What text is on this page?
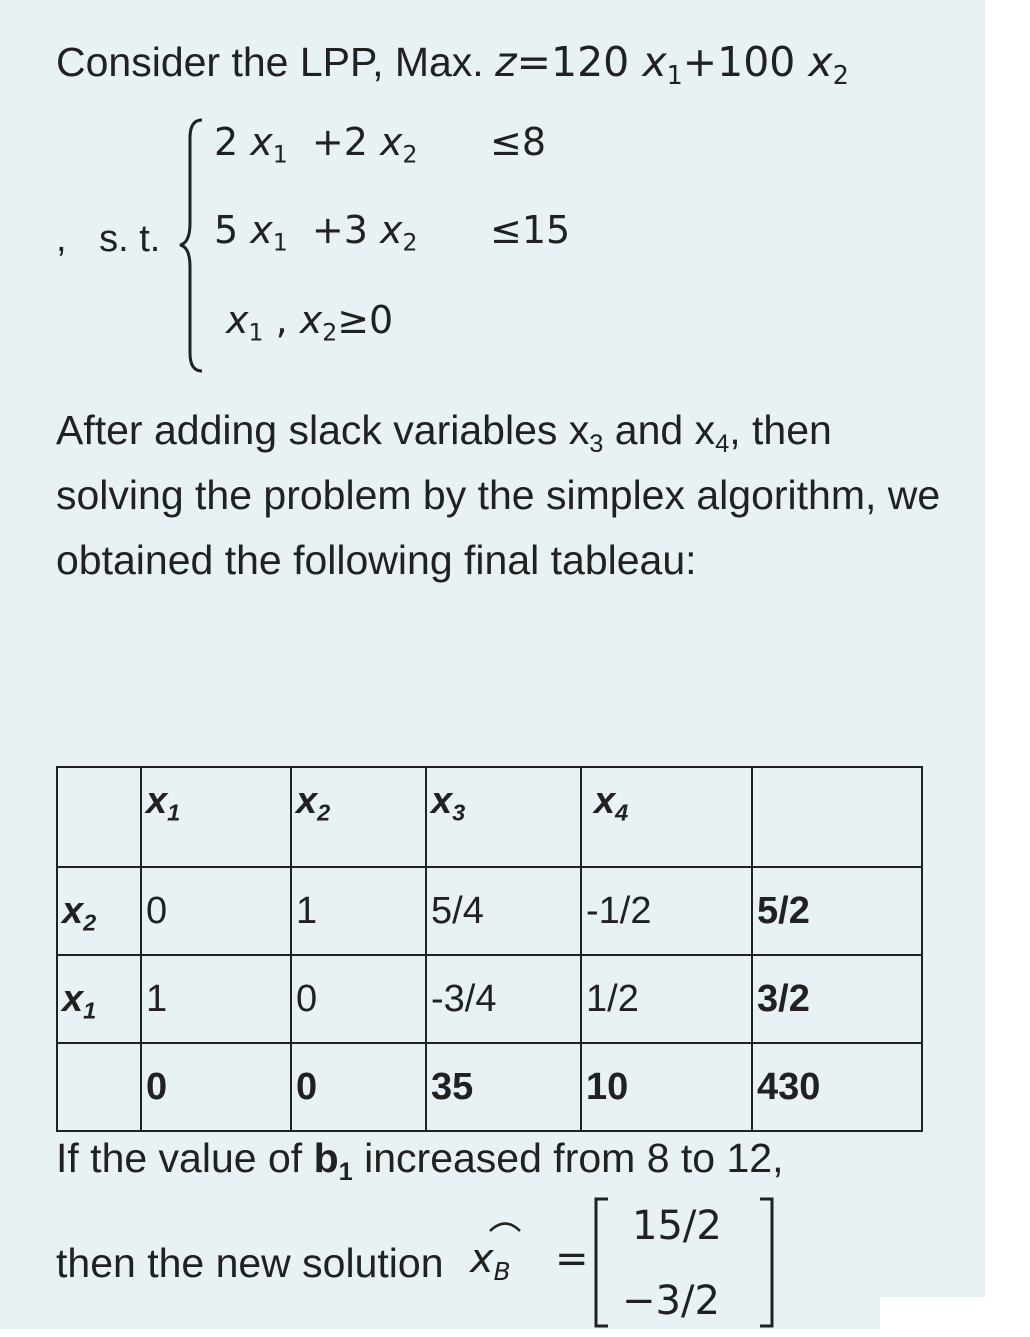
Consider the LPP, Max. z=120 $x_1+100$ $x_2$
, s. t.
2 $x_1 +2$ $x_2 \le 8$
5 $x_1 +3$ $x_2 \le 15$
$x_1$ , $x_2\ge 0$
After adding slack variables $x_3$ and $x_4$, then solving the problem by the simplex algorithm, we obtained the following final tableau:
	$x_1$	$x_2$	$x_3$	$x_4$	
$x_2$	0	1	5/4	-1/2	5/2
$x_1$	1	0	-3/4	1/2	3/2
	0	0	35	10	430
If the value of $b_1$ increased from 8 to 12,
then the new solution $x_B$ =
15/2
−3/2
